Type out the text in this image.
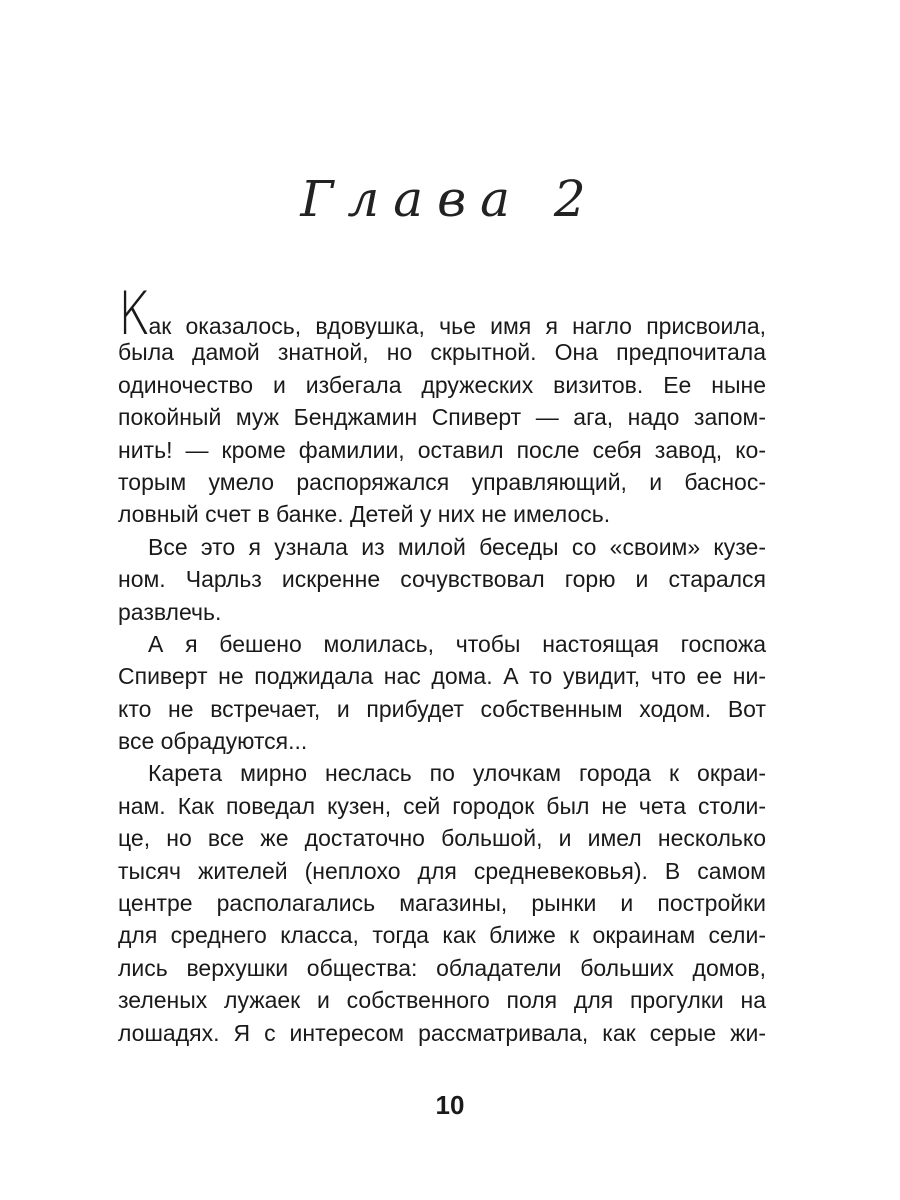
Глава 2
Как оказалось, вдовушка, чье имя я нагло присвоила,
была дамой знатной, но скрытной. Она предпочитала
одиночество и избегала дружеских визитов. Ее ныне
покойный муж Бенджамин Спиверт — ага, надо запом-
нить! — кроме фамилии, оставил после себя завод, ко-
торым умело распоряжался управляющий, и баснос-
ловный счет в банке. Детей у них не имелось.
Все это я узнала из милой беседы со «своим» кузе-
ном. Чарльз искренне сочувствовал горю и старался
развлечь.
А я бешено молилась, чтобы настоящая госпожа
Спиверт не поджидала нас дома. А то увидит, что ее ни-
кто не встречает, и прибудет собственным ходом. Вот
все обрадуются...
Карета мирно неслась по улочкам города к окраи-
нам. Как поведал кузен, сей городок был не чета столи-
це, но все же достаточно большой, и имел несколько
тысяч жителей (неплохо для средневековья). В самом
центре располагались магазины, рынки и постройки
для среднего класса, тогда как ближе к окраинам сели-
лись верхушки общества: обладатели больших домов,
зеленых лужаек и собственного поля для прогулки на
лошадях. Я с интересом рассматривала, как серые жи-
10
